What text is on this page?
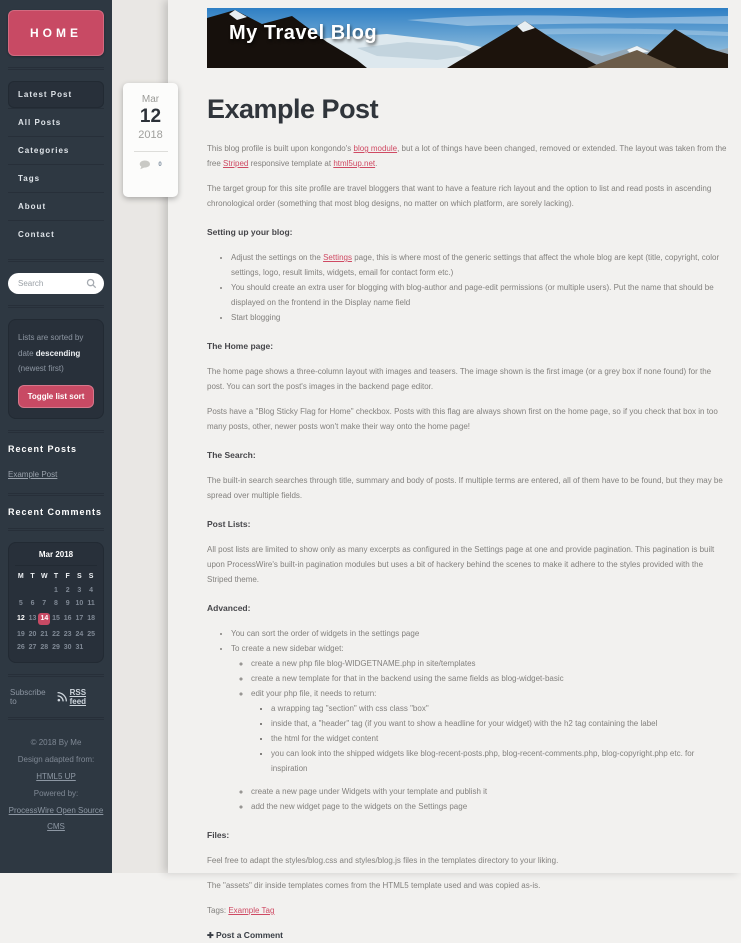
HOME
Latest Post
All Posts
Categories
Tags
About
Contact
Search

Lists are sorted by date descending (newest first)

Toggle list sort
Recent Posts
Example Post
Recent Comments
Mar 2018
M	T	W	T	F	S	S
			1	2	3	4
5	6	7	8	9	10	11
12	13	14	15	16	17	18
19	20	21	22	23	24	25
26	27	28	29	30	31	

Subscribe to
RSS feed

© 2018 By Me
Design adapted from:
HTML5 UP
Powered by:
ProcessWire Open Source CMS
Mar
12
2018
0
My Travel Blog
Example Post

This blog profile is built upon kongondo's blog module, but a lot of things have been changed, removed or extended. The layout was taken from the free Striped responsive template at html5up.net.

The target group for this site profile are travel bloggers that want to have a feature rich layout and the option to list and read posts in ascending chronological order (something that most blog designs, no matter on which platform, are sorely lacking).

Setting up your blog:

• Adjust the settings on the Settings page, this is where most of the generic settings that affect the whole blog are kept (title, copyright, color settings, logo, result limits, widgets, email for contact form etc.)
• You should create an extra user for blogging with blog-author and page-edit permissions (or multiple users). Put the name that should be displayed on the frontend in the Display name field
• Start blogging

The Home page:

The home page shows a three-column layout with images and teasers. The image shown is the first image (or a grey box if none found) for the post. You can sort the post's images in the backend page editor.

Posts have a "Blog Sticky Flag for Home" checkbox. Posts with this flag are always shown first on the home page, so if you check that box in too many posts, other, newer posts won't make their way onto the home page!

The Search:

The built-in search searches through title, summary and body of posts. If multiple terms are entered, all of them have to be found, but they may be spread over multiple fields.

Post Lists:

All post lists are limited to show only as many excerpts as configured in the Settings page at one and provide pagination. This pagination is built upon ProcessWire's built-in pagination modules but uses a bit of hackery behind the scenes to make it adhere to the styles provided with the Striped theme.

Advanced:

• You can sort the order of widgets in the settings page
• To create a new sidebar widget:
◦ create a new php file blog-WIDGETNAME.php in site/templates
◦ create a new template for that in the backend using the same fields as blog-widget-basic
◦ edit your php file, it needs to return:
▪ a wrapping tag "section" with css class "box"
▪ inside that, a "header" tag (if you want to show a headline for your widget) with the h2 tag containing the label
▪ the html for the widget content
▪ you can look into the shipped widgets like blog-recent-posts.php, blog-recent-comments.php, blog-copyright.php etc. for inspiration
◦ create a new page under Widgets with your template and publish it
◦ add the new widget page to the widgets on the Settings page

Files:

Feel free to adapt the styles/blog.css and styles/blog.js files in the templates directory to your liking.

The "assets" dir inside templates comes from the HTML5 template used and was copied as-is.

Tags: Example Tag

✚ Post a Comment
